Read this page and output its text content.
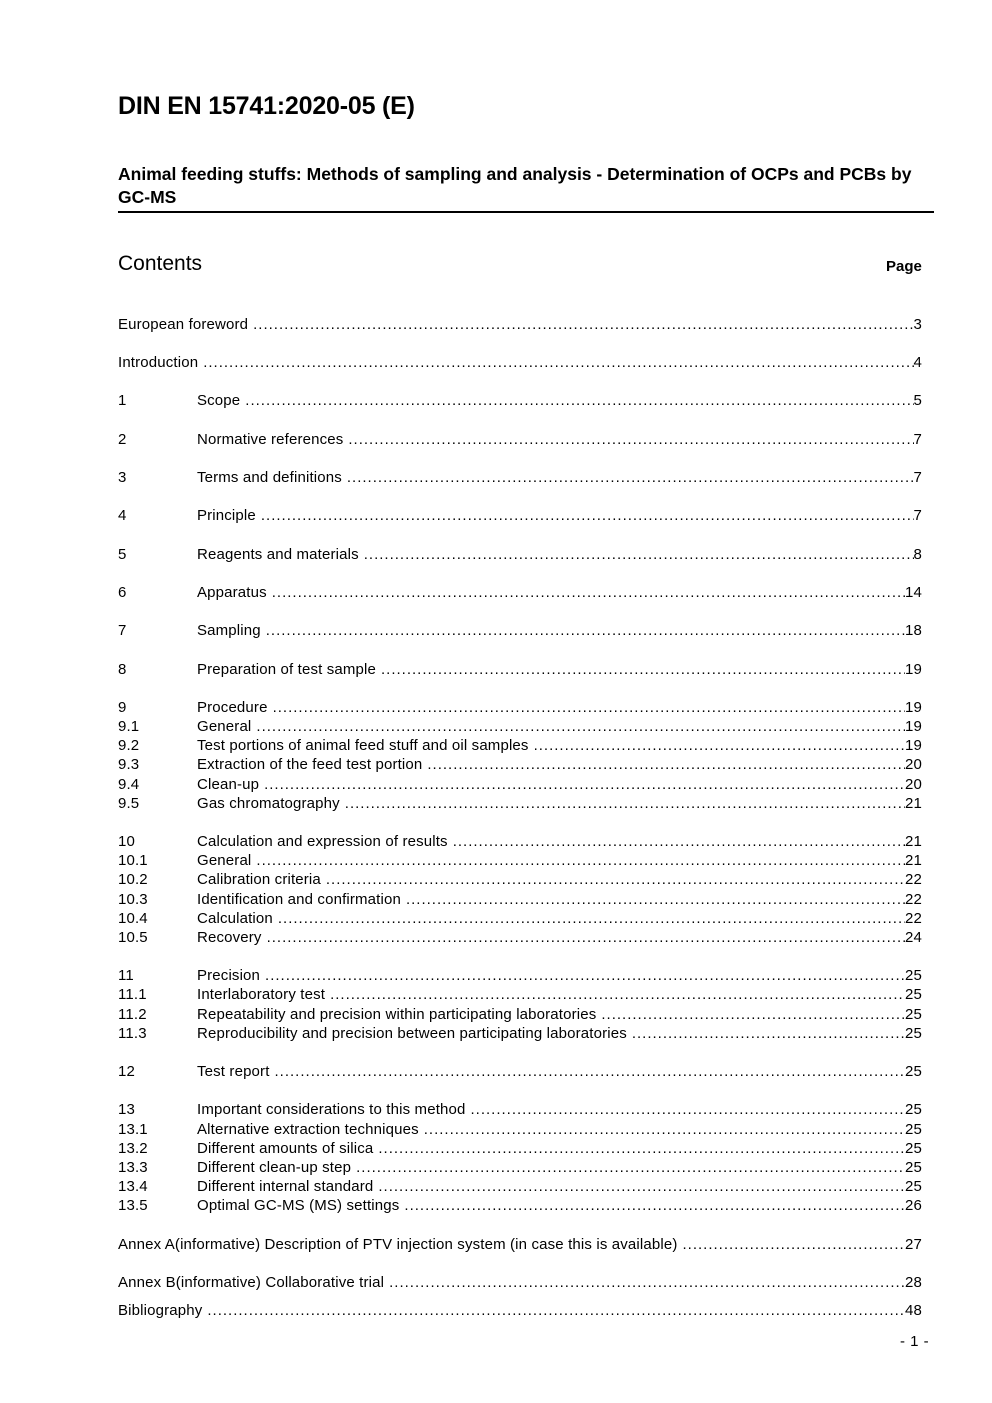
DIN EN 15741:2020-05 (E)
Animal feeding stuffs: Methods of sampling and analysis - Determination of OCPs and PCBs by GC-MS
Contents	Page
European foreword .....	3
Introduction .....	4
1	Scope .....	5
2	Normative references .....	7
3	Terms and definitions .....	7
4	Principle .....	7
5	Reagents and materials .....	8
6	Apparatus .....	14
7	Sampling .....	18
8	Preparation of test sample .....	19
9	Procedure .....	19
9.1	General .....	19
9.2	Test portions of animal feed stuff and oil samples .....	19
9.3	Extraction of the feed test portion .....	20
9.4	Clean-up .....	20
9.5	Gas chromatography .....	21
10	Calculation and expression of results .....	21
10.1	General .....	21
10.2	Calibration criteria .....	22
10.3	Identification and confirmation .....	22
10.4	Calculation .....	22
10.5	Recovery .....	24
11	Precision .....	25
11.1	Interlaboratory test .....	25
11.2	Repeatability and precision within participating laboratories .....	25
11.3	Reproducibility and precision between participating laboratories .....	25
12	Test report .....	25
13	Important considerations to this method .....	25
13.1	Alternative extraction techniques .....	25
13.2	Different amounts of silica .....	25
13.3	Different clean-up step .....	25
13.4	Different internal standard .....	25
13.5	Optimal GC-MS (MS) settings .....	26
Annex A(informative) Description of PTV injection system (in case this is available) .....	27
Annex B(informative) Collaborative trial .....	28
Bibliography .....	48
- 1 -
